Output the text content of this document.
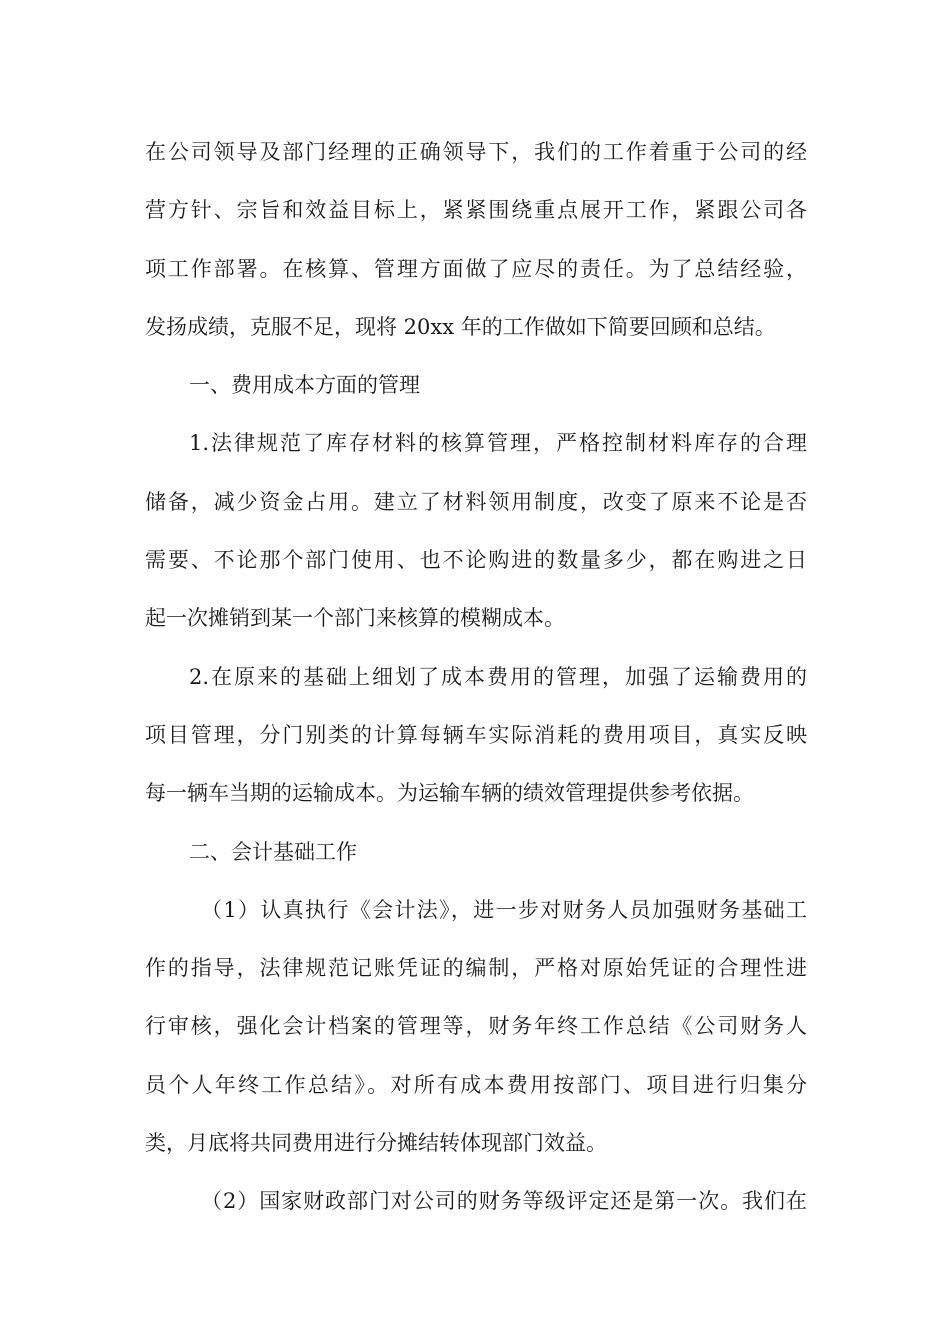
在公司领导及部门经理的正确领导下，我们的工作着重于公司的经
营方针、宗旨和效益目标上，紧紧围绕重点展开工作，紧跟公司各
项工作部署。在核算、管理方面做了应尽的责任。为了总结经验，
发扬成绩，克服不足，现将 20xx 年的工作做如下简要回顾和总结。
一、费用成本方面的管理
1.法律规范了库存材料的核算管理，严格控制材料库存的合理
储备，减少资金占用。建立了材料领用制度，改变了原来不论是否
需要、不论那个部门使用、也不论购进的数量多少，都在购进之日
起一次摊销到某一个部门来核算的模糊成本。
2.在原来的基础上细划了成本费用的管理，加强了运输费用的
项目管理，分门别类的计算每辆车实际消耗的费用项目，真实反映
每一辆车当期的运输成本。为运输车辆的绩效管理提供参考依据。
二、会计基础工作
（1）认真执行《会计法》，进一步对财务人员加强财务基础工
作的指导，法律规范记账凭证的编制，严格对原始凭证的合理性进
行审核，强化会计档案的管理等，财务年终工作总结《公司财务人
员个人年终工作总结》。对所有成本费用按部门、项目进行归集分
类，月底将共同费用进行分摊结转体现部门效益。
（2）国家财政部门对公司的财务等级评定还是第一次。我们在
